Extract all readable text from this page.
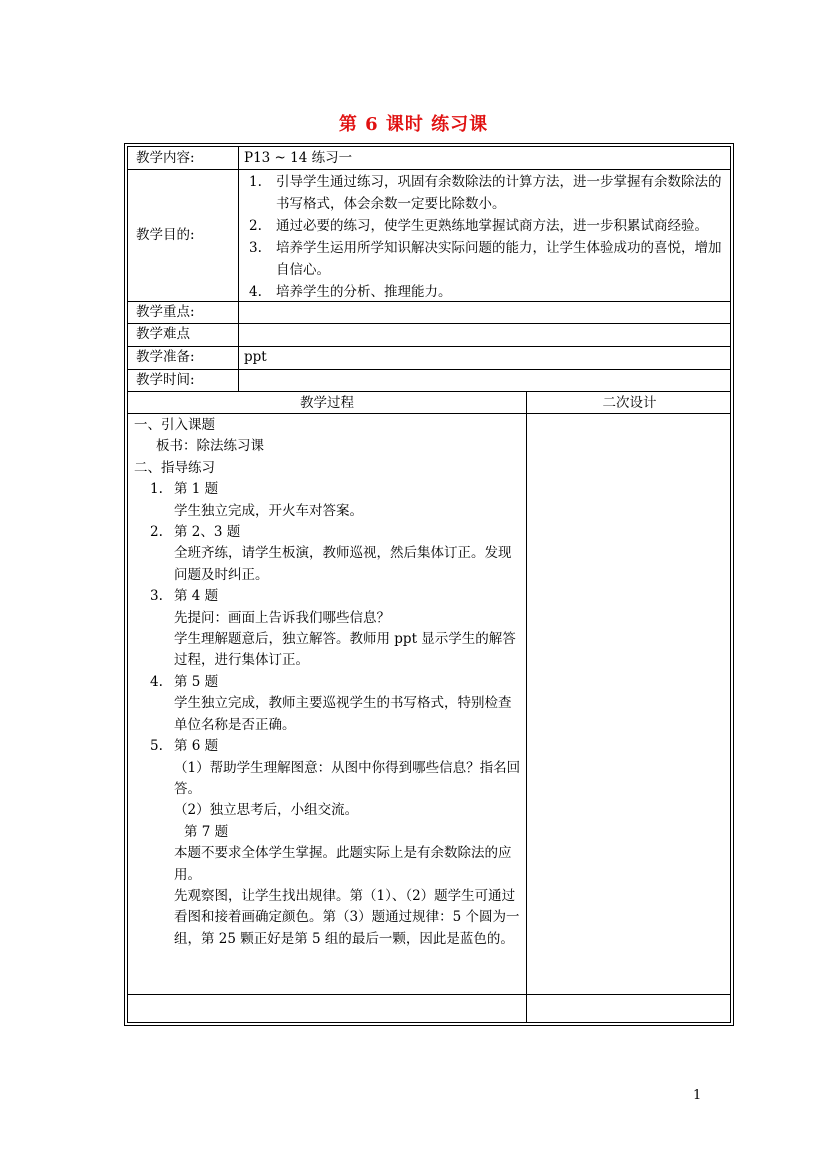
第 6 课时 练习课
教学内容:	P13 ~ 14 练习一
教学目的:
1. 引导学生通过练习，巩固有余数除法的计算方法，进一步掌握有余数除法的书写格式，体会余数一定要比除数小。
2. 通过必要的练习，使学生更熟练地掌握试商方法，进一步积累试商经验。
3. 培养学生运用所学知识解决实际问题的能力，让学生体验成功的喜悦，增加自信心。
4. 培养学生的分析、推理能力。
教学重点:
教学难点
教学准备:	ppt
教学时间:
教学过程	二次设计

一、引入课题

板书：除法练习课

二、指导练习

1. 第 1 题

学生独立完成，开火车对答案。

2. 第 2、3 题

全班齐练，请学生板演，教师巡视，然后集体订正。发现问题及时纠正。

3. 第 4 题

先提问：画面上告诉我们哪些信息？

学生理解题意后，独立解答。教师用 ppt 显示学生的解答过程，进行集体订正。

4. 第 5 题

学生独立完成，教师主要巡视学生的书写格式，特别检查单位名称是否正确。

5. 第 6 题

（1）帮助学生理解图意：从图中你得到哪些信息？指名回答。

（2）独立思考后，小组交流。

第 7 题

本题不要求全体学生掌握。此题实际上是有余数除法的应用。

先观察图，让学生找出规律。第（1）、（2）题学生可通过看图和接着画确定颜色。第（3）题通过规律：5 个圆为一组，第 25 颗正好是第 5 组的最后一颗，因此是蓝色的。

1
